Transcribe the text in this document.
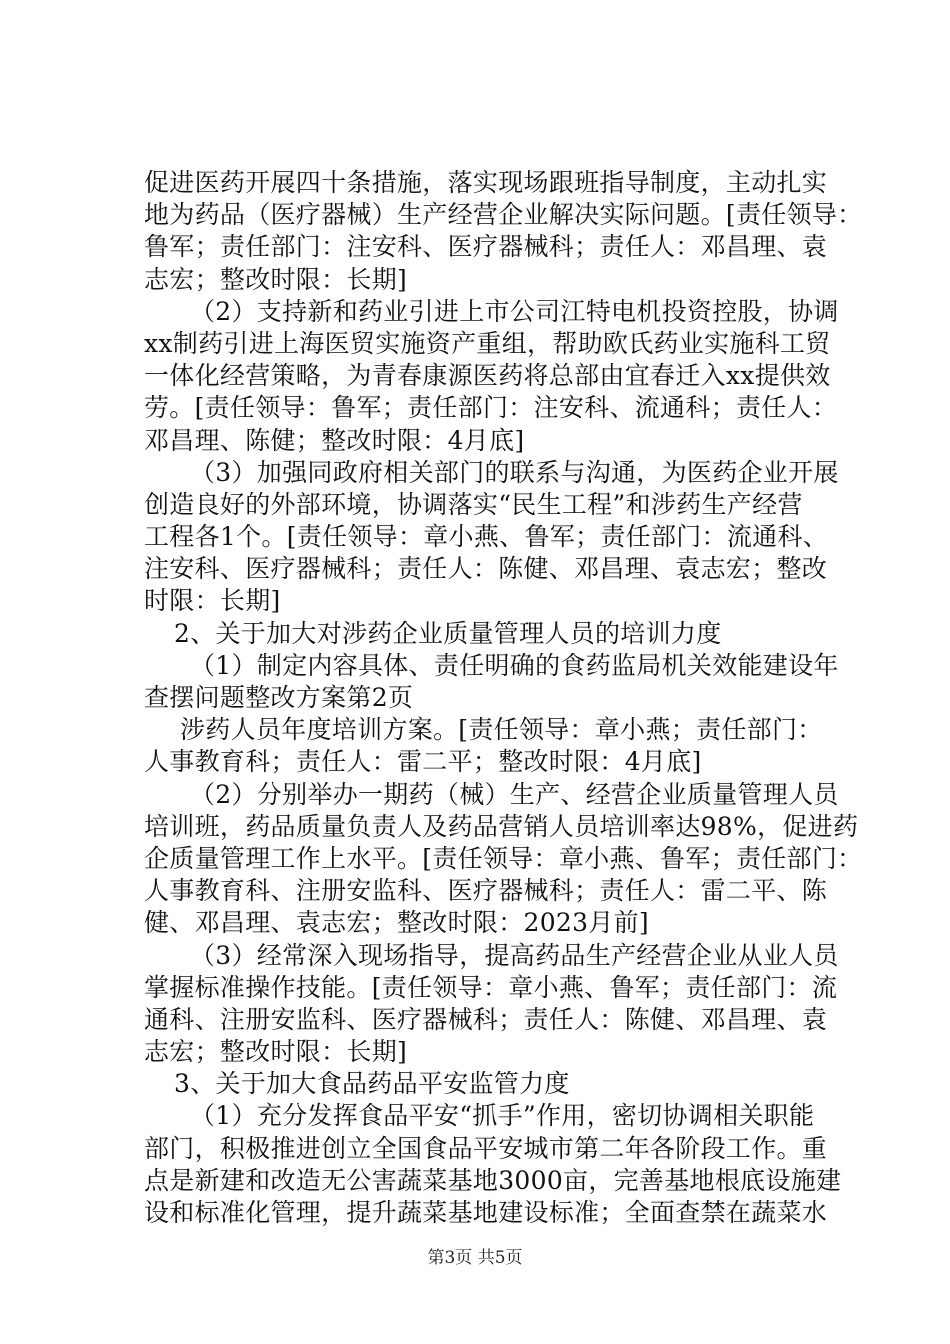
促进医药开展四十条措施，落实现场跟班指导制度，主动扎实
地为药品（医疗器械）生产经营企业解决实际问题。[责任领导：
鲁军；责任部门：注安科、医疗器械科；责任人：邓昌理、袁
志宏；整改时限：长期]
（2）支持新和药业引进上市公司江特电机投资控股，协调
xx制药引进上海医贸实施资产重组，帮助欧氏药业实施科工贸
一体化经营策略，为青春康源医药将总部由宜春迁入xx提供效
劳。[责任领导：鲁军；责任部门：注安科、流通科；责任人：
邓昌理、陈健；整改时限：4月底]
（3）加强同政府相关部门的联系与沟通，为医药企业开展
创造良好的外部环境，协调落实“民生工程”和涉药生产经营
工程各1个。[责任领导：章小燕、鲁军；责任部门：流通科、
注安科、医疗器械科；责任人：陈健、邓昌理、袁志宏；整改
时限：长期]
2、关于加大对涉药企业质量管理人员的培训力度
（1）制定内容具体、责任明确的食药监局机关效能建设年
查摆问题整改方案第2页
涉药人员年度培训方案。[责任领导：章小燕；责任部门：
人事教育科；责任人：雷二平；整改时限：4月底]
（2）分别举办一期药（械）生产、经营企业质量管理人员
培训班，药品质量负责人及药品营销人员培训率达98%，促进药
企质量管理工作上水平。[责任领导：章小燕、鲁军；责任部门：
人事教育科、注册安监科、医疗器械科；责任人：雷二平、陈
健、邓昌理、袁志宏；整改时限：2023月前]
（3）经常深入现场指导，提高药品生产经营企业从业人员
掌握标准操作技能。[责任领导：章小燕、鲁军；责任部门：流
通科、注册安监科、医疗器械科；责任人：陈健、邓昌理、袁
志宏；整改时限：长期]
3、关于加大食品药品平安监管力度
（1）充分发挥食品平安“抓手”作用，密切协调相关职能
部门，积极推进创立全国食品平安城市第二年各阶段工作。重
点是新建和改造无公害蔬菜基地3000亩，完善基地根底设施建
设和标准化管理，提升蔬菜基地建设标准；全面查禁在蔬菜水
第3页 共5页
